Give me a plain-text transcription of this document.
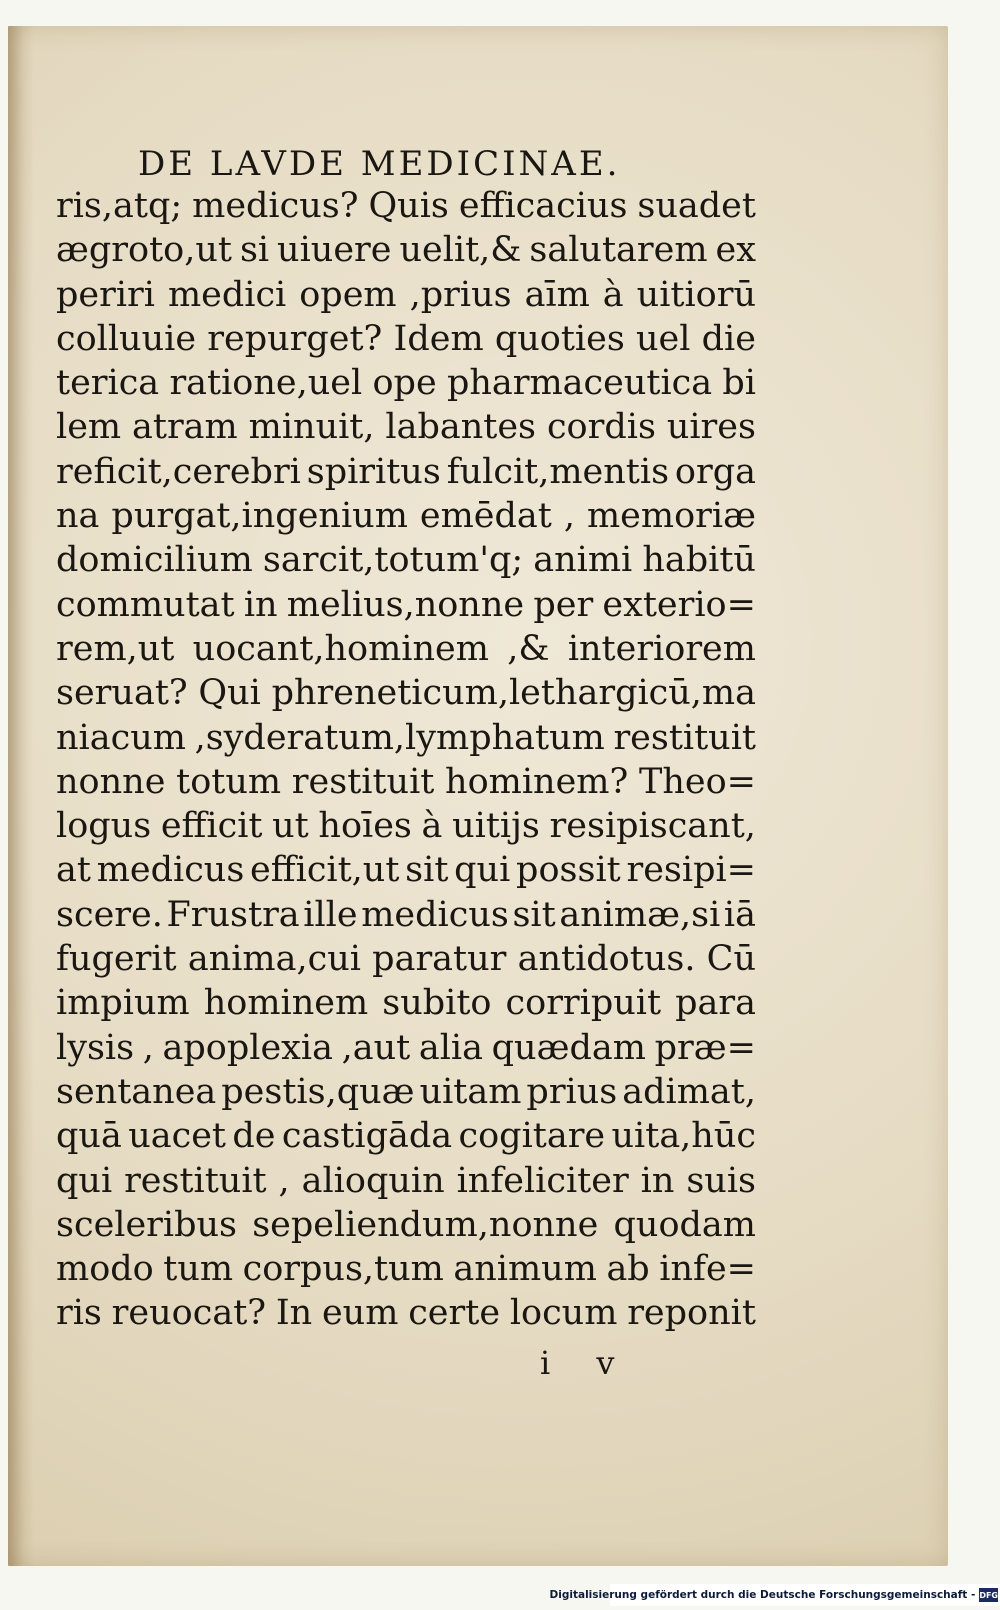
DE LAVDE MEDICINAE.
ris,atq; medicus? Quis efficacius suadet
ægroto,ut si uiuere uelit,& salutarem ex
periri medici opem ,prius aīm à uitiorū
colluuie repurget? Idem quoties uel die
terica ratione,uel ope pharmaceutica bi
lem atram minuit, labantes cordis uires
reficit,cerebri spiritus fulcit,mentis orga
na purgat,ingenium emēdat , memoriæ
domicilium sarcit,totum'q; animi habitū
commutat in melius,nonne per exterio=
rem,ut uocant,hominem ,& interiorem
seruat? Qui phreneticum,lethargicū,ma
niacum ,syderatum,lymphatum restituit
nonne totum restituit hominem? Theo=
logus efficit ut hoīes à uitijs resipiscant,
at medicus efficit,ut sit qui possit resipi=
scere. Frustra ille medicus sit animæ,si iā
fugerit anima,cui paratur antidotus. Cū
impium hominem subito corripuit para
lysis , apoplexia ,aut alia quædam præ=
sentanea pestis,quæ uitam prius adimat,
quā uacet de castigāda cogitare uita,hūc
qui restituit , alioquin infeliciter in suis
sceleribus sepeliendum,nonne quodam
modo tum corpus,tum animum ab infe=
ris reuocat? In eum certe locum reponit
i v
Digitalisierung gefördert durch die Deutsche Forschungsgemeinschaft - DFG
